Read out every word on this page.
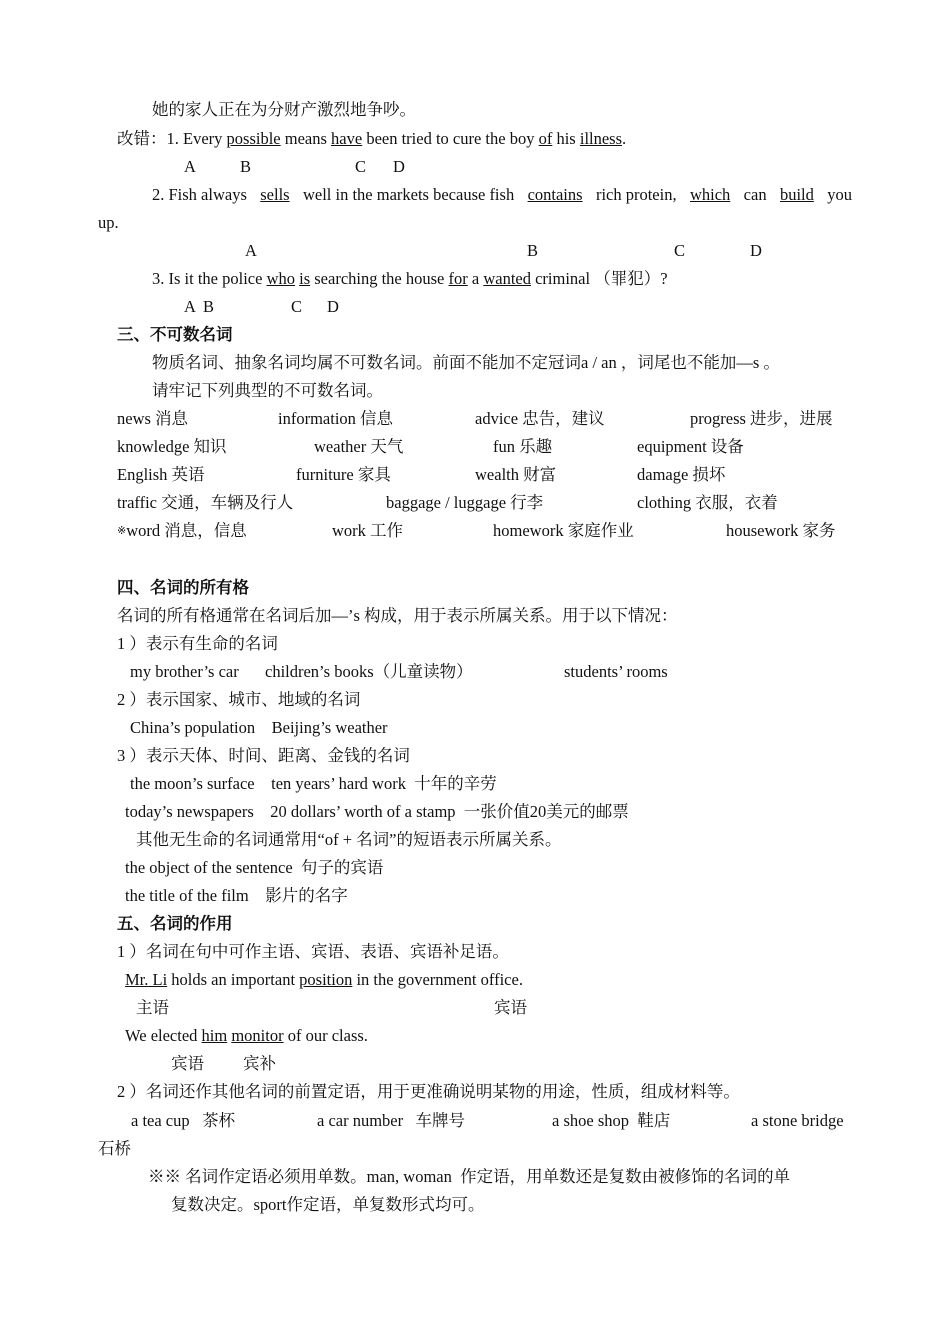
她的家人正在为分财产激烈地争吵。
改错：1. Every possible means have been tried to cure the boy of his illness.
A	B	C D
2. Fish always sells well in the markets because fish contains rich protein, which can build you
up.
A	B	C	D
3. Is it the police who is searching the house for a wanted criminal （罪犯）?
A B	C D
三、不可数名词
物质名词、抽象名词均属不可数名词。前面不能加不定冠词a / an ，词尾也不能加—s 。
请牢记下列典型的不可数名词。
news 消息	information 信息	advice 忠告，建议	progress 进步，进展
knowledge 知识	weather 天气	fun 乐趣	equipment 设备
English 英语	furniture 家具	wealth 财富	damage 损坏
traffic 交通，车辆及行人	baggage / luggage 行李	clothing 衣服，衣着
※word 消息，信息	work 工作	homework 家庭作业	housework 家务
四、名词的所有格
名词的所有格通常在名词后加—’s 构成，用于表示所属关系。用于以下情况：
1 ）表示有生命的名词
my brother’s car children’s books（儿童读物）	students’ rooms
2 ）表示国家、城市、地域的名词
China’s population    Beijing’s weather
3 ）表示天体、时间、距离、金钱的名词
the moon’s surface    ten years’ hard work  十年的辛劳
today’s newspapers    20 dollars’ worth of a stamp  一张价值20美元的邮票
其他无生命的名词通常用“of + 名词”的短语表示所属关系。
the object of the sentence  句子的宾语
the title of the film    影片的名字
五、名词的作用
1 ）名词在句中可作主语、宾语、表语、宾语补足语。
Mr. Li holds an important position in the government office.
主语	宾语
We elected him monitor of our class.
宾语 宾补
2 ）名词还作其他名词的前置定语，用于更准确说明某物的用途，性质，组成材料等。
a tea cup   茶杯	a car number   车牌号	a shoe shop  鞋店	a stone bridge
石桥
※※ 名词作定语必须用单数。man, woman  作定语，用单数还是复数由被修饰的名词的单
复数决定。sport作定语，单复数形式均可。
